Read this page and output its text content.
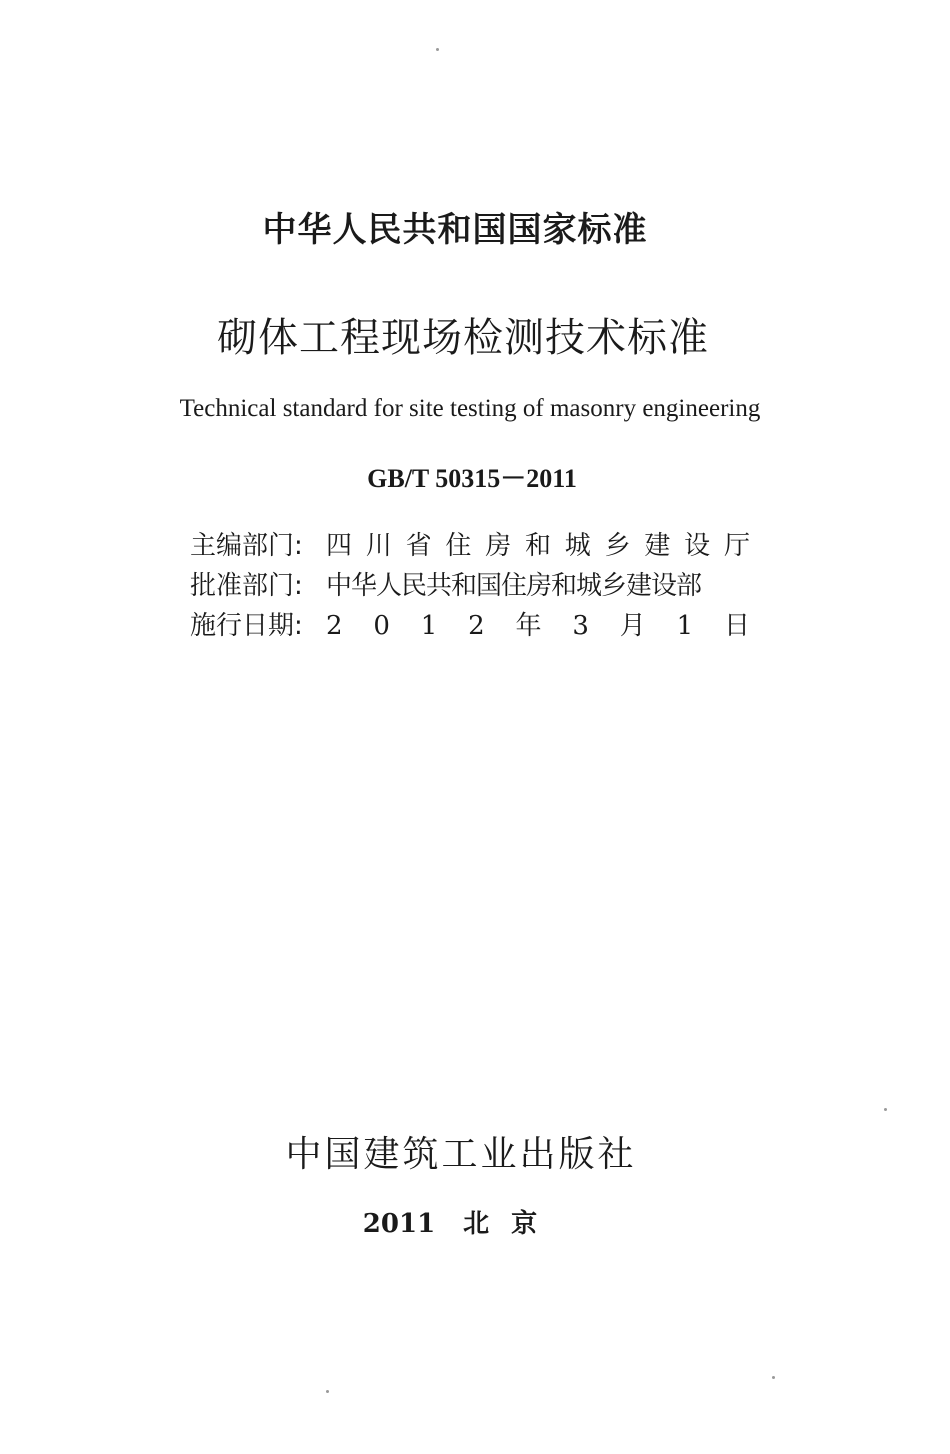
中华人民共和国国家标准
砌体工程现场检测技术标准
Technical standard for site testing of masonry engineering
GB/T 50315－2011
主编部门: 四 川 省 住 房 和 城 乡 建 设 厅
批准部门: 中华人民共和国住房和城乡建设部
施行日期: 2 0 1 2 年 3 月 1 日
中国建筑工业出版社
2011 北京
